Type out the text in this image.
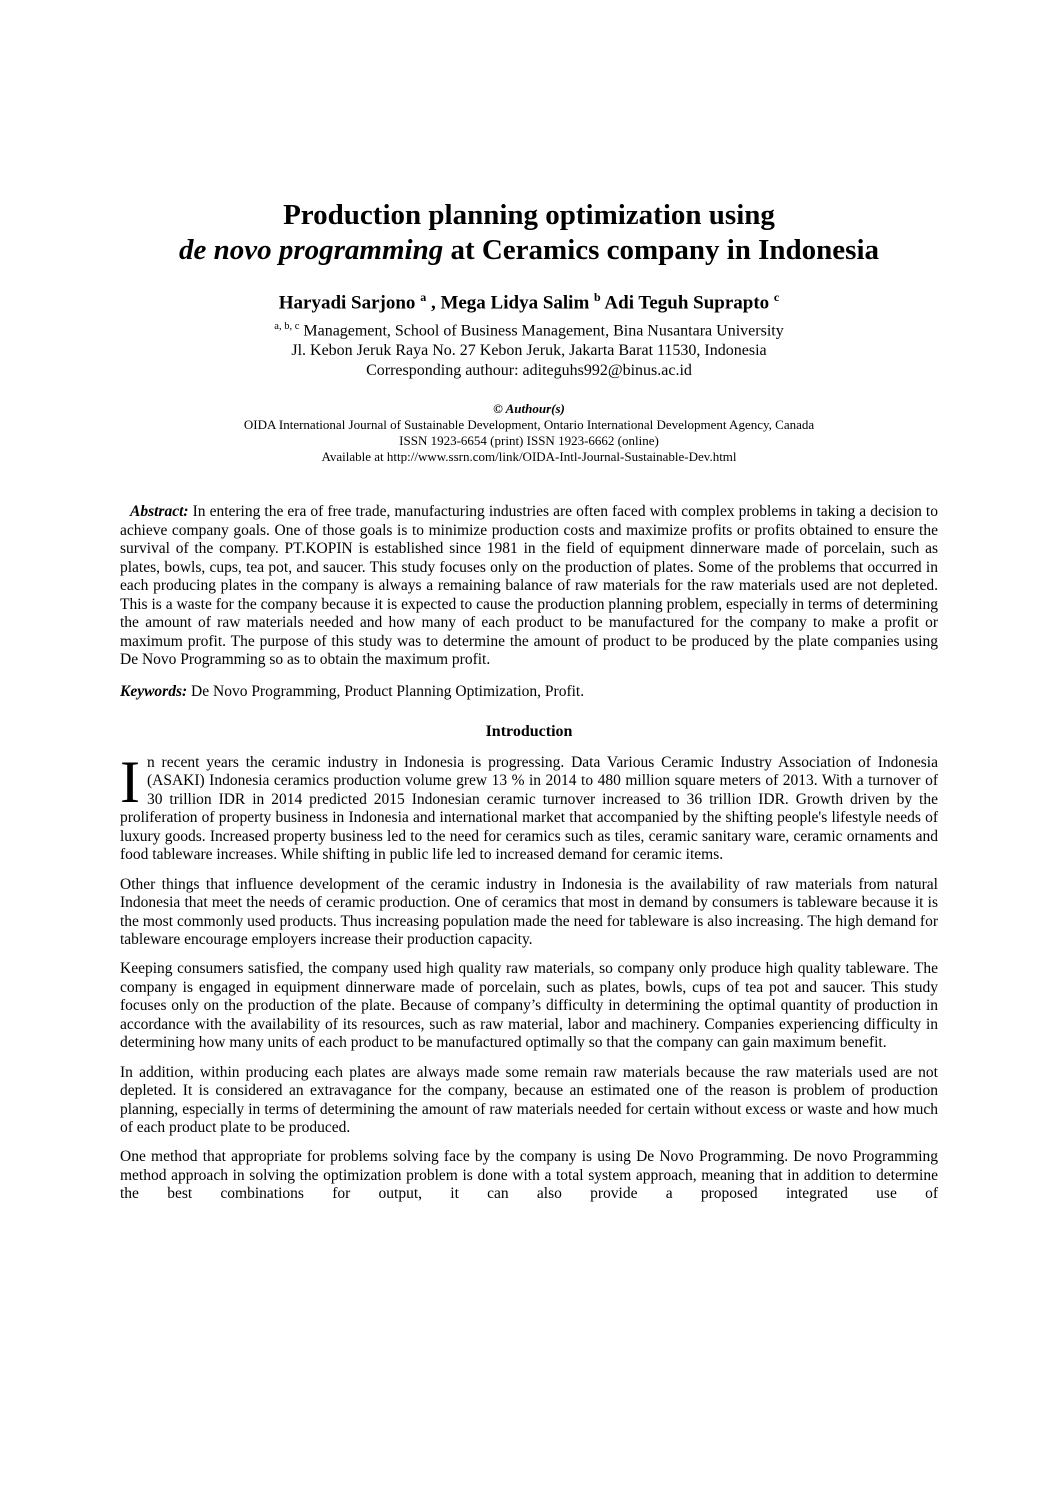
Production planning optimization using
de novo programming at Ceramics company in Indonesia
Haryadi Sarjono $^a$ , Mega Lidya Salim $^b$ Adi Teguh Suprapto $^c$
$^{a, b, c}$ Management, School of Business Management, Bina Nusantara University
Jl. Kebon Jeruk Raya No. 27 Kebon Jeruk, Jakarta Barat 11530, Indonesia
Corresponding authour: aditeguhs992@binus.ac.id
© Authour(s)
OIDA International Journal of Sustainable Development, Ontario International Development Agency, Canada
ISSN 1923-6654 (print) ISSN 1923-6662 (online)
Available at http://www.ssrn.com/link/OIDA-Intl-Journal-Sustainable-Dev.html

Abstract: In entering the era of free trade, manufacturing industries are often faced with complex problems in taking a decision to achieve company goals. One of those goals is to minimize production costs and maximize profits or profits obtained to ensure the survival of the company. PT.KOPIN is established since 1981 in the field of equipment dinnerware made of porcelain, such as plates, bowls, cups, tea pot, and saucer. This study focuses only on the production of plates. Some of the problems that occurred in each producing plates in the company is always a remaining balance of raw materials for the raw materials used are not depleted. This is a waste for the company because it is expected to cause the production planning problem, especially in terms of determining the amount of raw materials needed and how many of each product to be manufactured for the company to make a profit or maximum profit. The purpose of this study was to determine the amount of product to be produced by the plate companies using De Novo Programming so as to obtain the maximum profit.

Keywords: De Novo Programming, Product Planning Optimization, Profit.

Introduction

In recent years the ceramic industry in Indonesia is progressing. Data Various Ceramic Industry Association of Indonesia (ASAKI) Indonesia ceramics production volume grew 13 % in 2014 to 480 million square meters of 2013. With a turnover of 30 trillion IDR in 2014 predicted 2015 Indonesian ceramic turnover increased to 36 trillion IDR. Growth driven by the proliferation of property business in Indonesia and international market that accompanied by the shifting people's lifestyle needs of luxury goods. Increased property business led to the need for ceramics such as tiles, ceramic sanitary ware, ceramic ornaments and food tableware increases. While shifting in public life led to increased demand for ceramic items.

Other things that influence development of the ceramic industry in Indonesia is the availability of raw materials from natural Indonesia that meet the needs of ceramic production. One of ceramics that most in demand by consumers is tableware because it is the most commonly used products. Thus increasing population made the need for tableware is also increasing. The high demand for tableware encourage employers increase their production capacity.

Keeping consumers satisfied, the company used high quality raw materials, so company only produce high quality tableware. The company is engaged in equipment dinnerware made of porcelain, such as plates, bowls, cups of tea pot and saucer. This study focuses only on the production of the plate. Because of company’s difficulty in determining the optimal quantity of production in accordance with the availability of its resources, such as raw material, labor and machinery. Companies experiencing difficulty in determining how many units of each product to be manufactured optimally so that the company can gain maximum benefit.

In addition, within producing each plates are always made some remain raw materials because the raw materials used are not depleted. It is considered an extravagance for the company, because an estimated one of the reason is problem of production planning, especially in terms of determining the amount of raw materials needed for certain without excess or waste and how much of each product plate to be produced.

One method that appropriate for problems solving face by the company is using De Novo Programming. De novo Programming method approach in solving the optimization problem is done with a total system approach, meaning that in addition to determine the best combinations for output, it can also provide a proposed integrated use of
